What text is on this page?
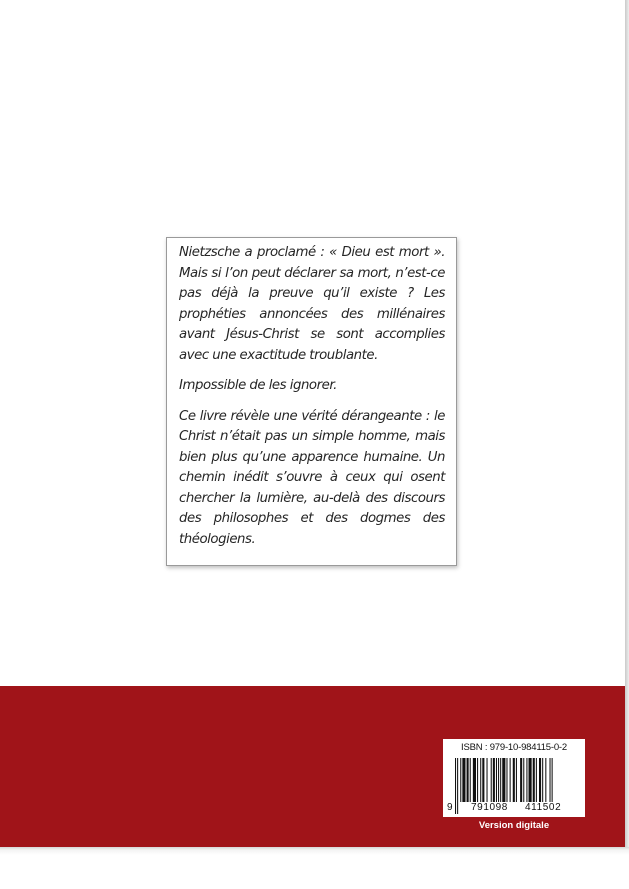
Nietzsche a proclamé : « Dieu est mort ». Mais si l’on peut déclarer sa mort, n’est-ce pas déjà la preuve qu’il existe ? Les prophéties annoncées des millénaires avant Jésus-Christ se sont accomplies avec une exactitude troublante.

Impossible de les ignorer.

Ce livre révèle une vérité dérangeante : le Christ n’était pas un simple homme, mais bien plus qu’une apparence humaine. Un chemin inédit s’ouvre à ceux qui osent chercher la lumière, au-delà des discours des philosophes et des dogmes des théologiens.

ISBN : 979-10-984115-0-2
9 791098 411502
Version digitale
